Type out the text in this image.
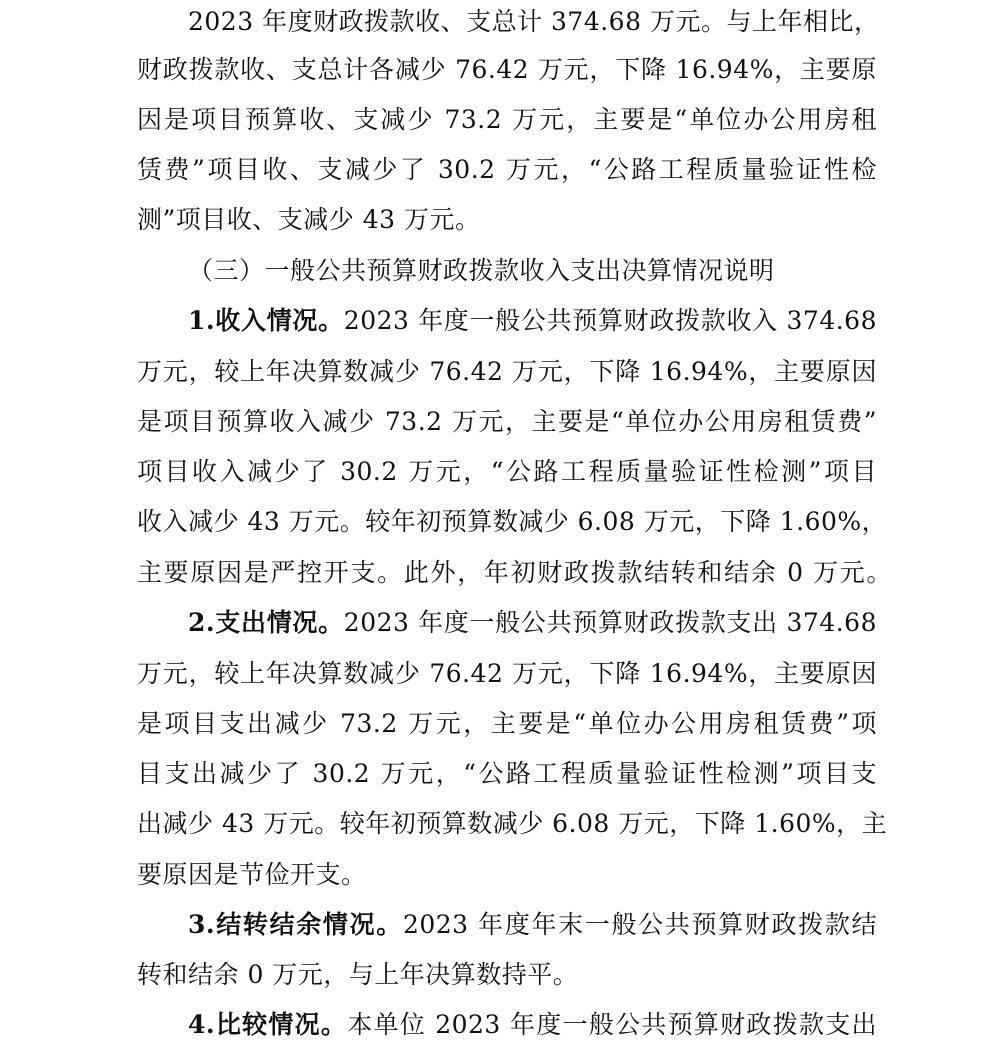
2023 年度财政拨款收、支总计 374.68 万元。与上年相比，
财政拨款收、支总计各减少 76.42 万元，下降 16.94%，主要原
因是项目预算收、支减少 73.2 万元，主要是“单位办公用房租
赁费”项目收、支减少了 30.2 万元，“公路工程质量验证性检
测”项目收、支减少 43 万元。
（三）一般公共预算财政拨款收入支出决算情况说明
1.收入情况。2023 年度一般公共预算财政拨款收入 374.68
万元，较上年决算数减少 76.42 万元，下降 16.94%，主要原因
是项目预算收入减少 73.2 万元，主要是“单位办公用房租赁费”
项目收入减少了 30.2 万元，“公路工程质量验证性检测”项目
收入减少 43 万元。较年初预算数减少 6.08 万元，下降 1.60%，
主要原因是严控开支。此外，年初财政拨款结转和结余 0 万元。
2.支出情况。2023 年度一般公共预算财政拨款支出 374.68
万元，较上年决算数减少 76.42 万元，下降 16.94%，主要原因
是项目支出减少 73.2 万元，主要是“单位办公用房租赁费”项
目支出减少了 30.2 万元，“公路工程质量验证性检测”项目支
出减少 43 万元。较年初预算数减少 6.08 万元，下降 1.60%，主
要原因是节俭开支。
3.结转结余情况。2023 年度年末一般公共预算财政拨款结
转和结余 0 万元，与上年决算数持平。
4.比较情况。本单位 2023 年度一般公共预算财政拨款支出
